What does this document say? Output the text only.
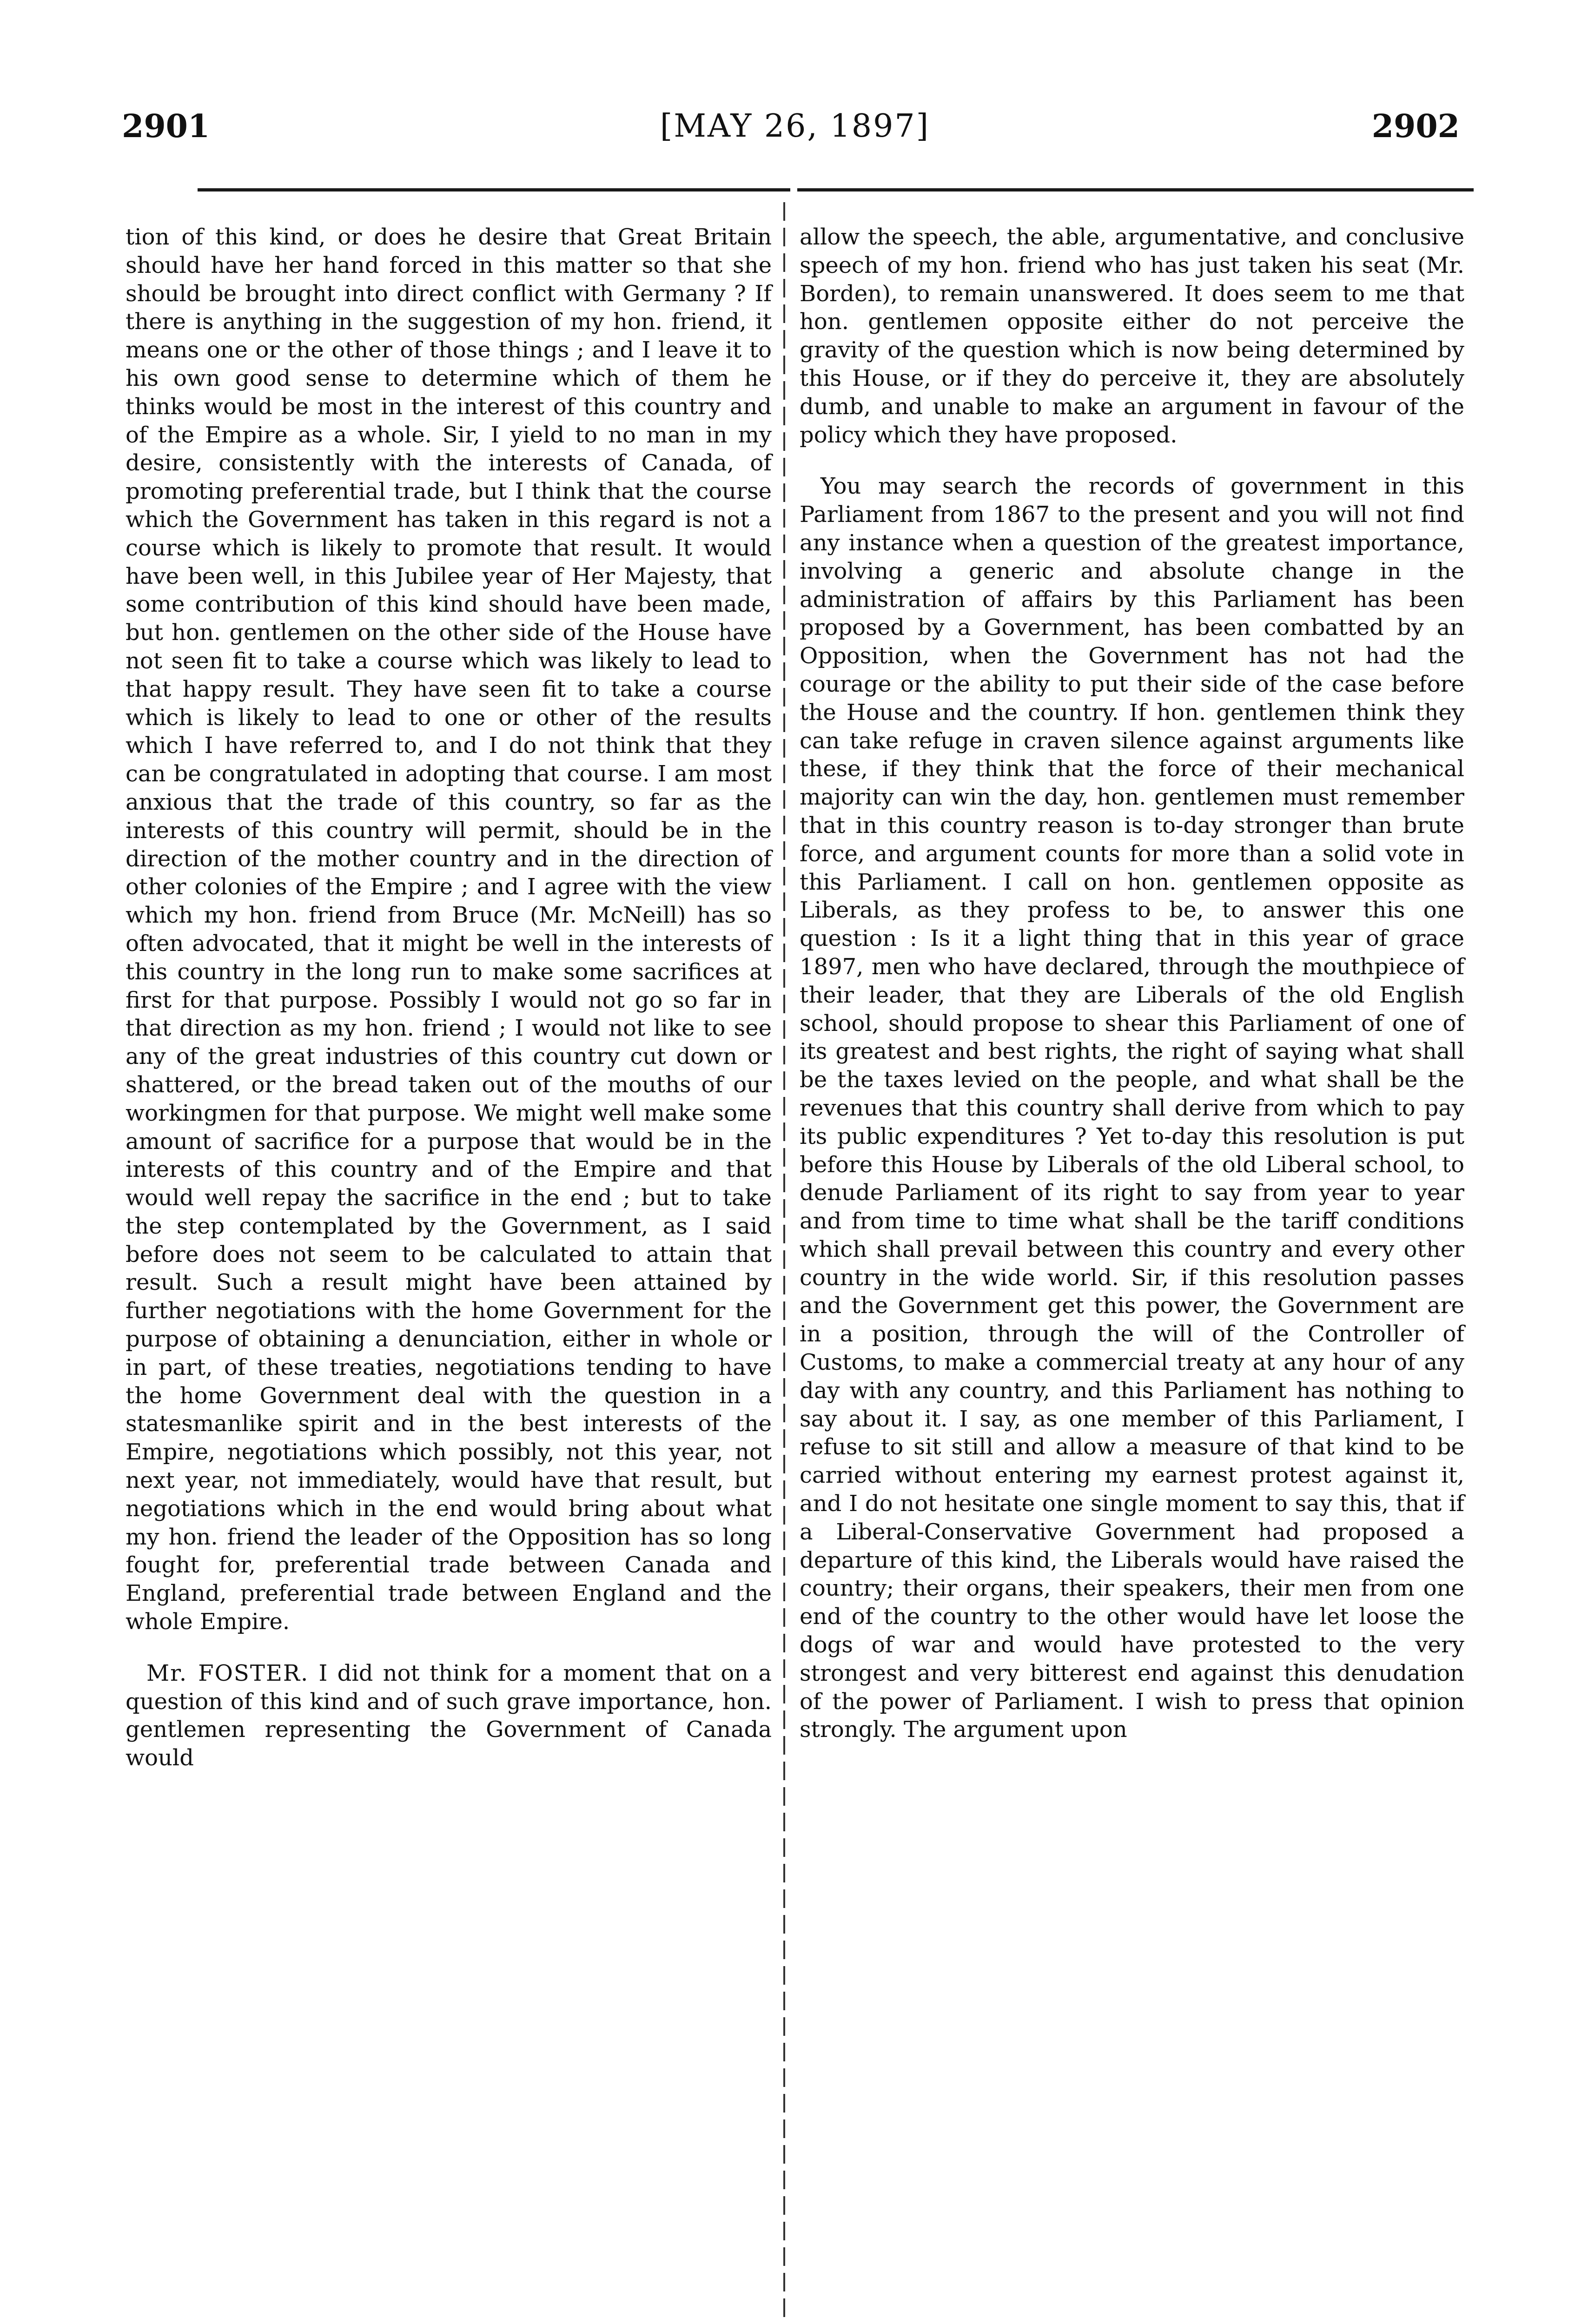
2901	[MAY 26, 1897]	2902

tion of this kind, or does he desire that Great Britain should have her hand forced in this matter so that she should be brought into direct conflict with Germany ? If there is anything in the suggestion of my hon. friend, it means one or the other of those things ; and I leave it to his own good sense to determine which of them he thinks would be most in the interest of this country and of the Empire as a whole. Sir, I yield to no man in my desire, consistently with the interests of Canada, of promoting preferential trade, but I think that the course which the Government has taken in this regard is not a course which is likely to promote that result. It would have been well, in this Jubilee year of Her Majesty, that some contribution of this kind should have been made, but hon. gentlemen on the other side of the House have not seen fit to take a course which was likely to lead to that happy result. They have seen fit to take a course which is likely to lead to one or other of the results which I have referred to, and I do not think that they can be congratulated in adopting that course. I am most anxious that the trade of this country, so far as the interests of this country will permit, should be in the direction of the mother country and in the direction of other colonies of the Empire ; and I agree with the view which my hon. friend from Bruce (Mr. McNeill) has so often advocated, that it might be well in the interests of this country in the long run to make some sacrifices at first for that purpose. Possibly I would not go so far in that direction as my hon. friend ; I would not like to see any of the great industries of this country cut down or shattered, or the bread taken out of the mouths of our workingmen for that purpose. We might well make some amount of sacrifice for a purpose that would be in the interests of this country and of the Empire and that would well repay the sacrifice in the end ; but to take the step contemplated by the Government, as I said before does not seem to be calculated to attain that result. Such a result might have been attained by further negotiations with the home Government for the purpose of obtaining a denunciation, either in whole or in part, of these treaties, negotiations tending to have the home Government deal with the question in a statesmanlike spirit and in the best interests of the Empire, negotiations which possibly, not this year, not next year, not immediately, would have that result, but negotiations which in the end would bring about what my hon. friend the leader of the Opposition has so long fought for, preferential trade between Canada and England, preferential trade between England and the whole Empire.

Mr. FOSTER. I did not think for a moment that on a question of this kind and of such grave importance, hon. gentlemen representing the Government of Canada would

allow the speech, the able, argumentative, and conclusive speech of my hon. friend who has just taken his seat (Mr. Borden), to remain unanswered. It does seem to me that hon. gentlemen opposite either do not perceive the gravity of the question which is now being determined by this House, or if they do perceive it, they are absolutely dumb, and unable to make an argument in favour of the policy which they have proposed.

You may search the records of government in this Parliament from 1867 to the present and you will not find any instance when a question of the greatest importance, involving a generic and absolute change in the administration of affairs by this Parliament has been proposed by a Government, has been combatted by an Opposition, when the Government has not had the courage or the ability to put their side of the case before the House and the country. If hon. gentlemen think they can take refuge in craven silence against arguments like these, if they think that the force of their mechanical majority can win the day, hon. gentlemen must remember that in this country reason is to-day stronger than brute force, and argument counts for more than a solid vote in this Parliament. I call on hon. gentlemen opposite as Liberals, as they profess to be, to answer this one question : Is it a light thing that in this year of grace 1897, men who have declared, through the mouthpiece of their leader, that they are Liberals of the old English school, should propose to shear this Parliament of one of its greatest and best rights, the right of saying what shall be the taxes levied on the people, and what shall be the revenues that this country shall derive from which to pay its public expenditures ? Yet to-day this resolution is put before this House by Liberals of the old Liberal school, to denude Parliament of its right to say from year to year and from time to time what shall be the tariff conditions which shall prevail between this country and every other country in the wide world. Sir, if this resolution passes and the Government get this power, the Government are in a position, through the will of the Controller of Customs, to make a commercial treaty at any hour of any day with any country, and this Parliament has nothing to say about it. I say, as one member of this Parliament, I refuse to sit still and allow a measure of that kind to be carried without entering my earnest protest against it, and I do not hesitate one single moment to say this, that if a Liberal-Conservative Government had proposed a departure of this kind, the Liberals would have raised the country; their organs, their speakers, their men from one end of the country to the other would have let loose the dogs of war and would have protested to the very strongest and very bitterest end against this denudation of the power of Parliament. I wish to press that opinion strongly. The argument upon
